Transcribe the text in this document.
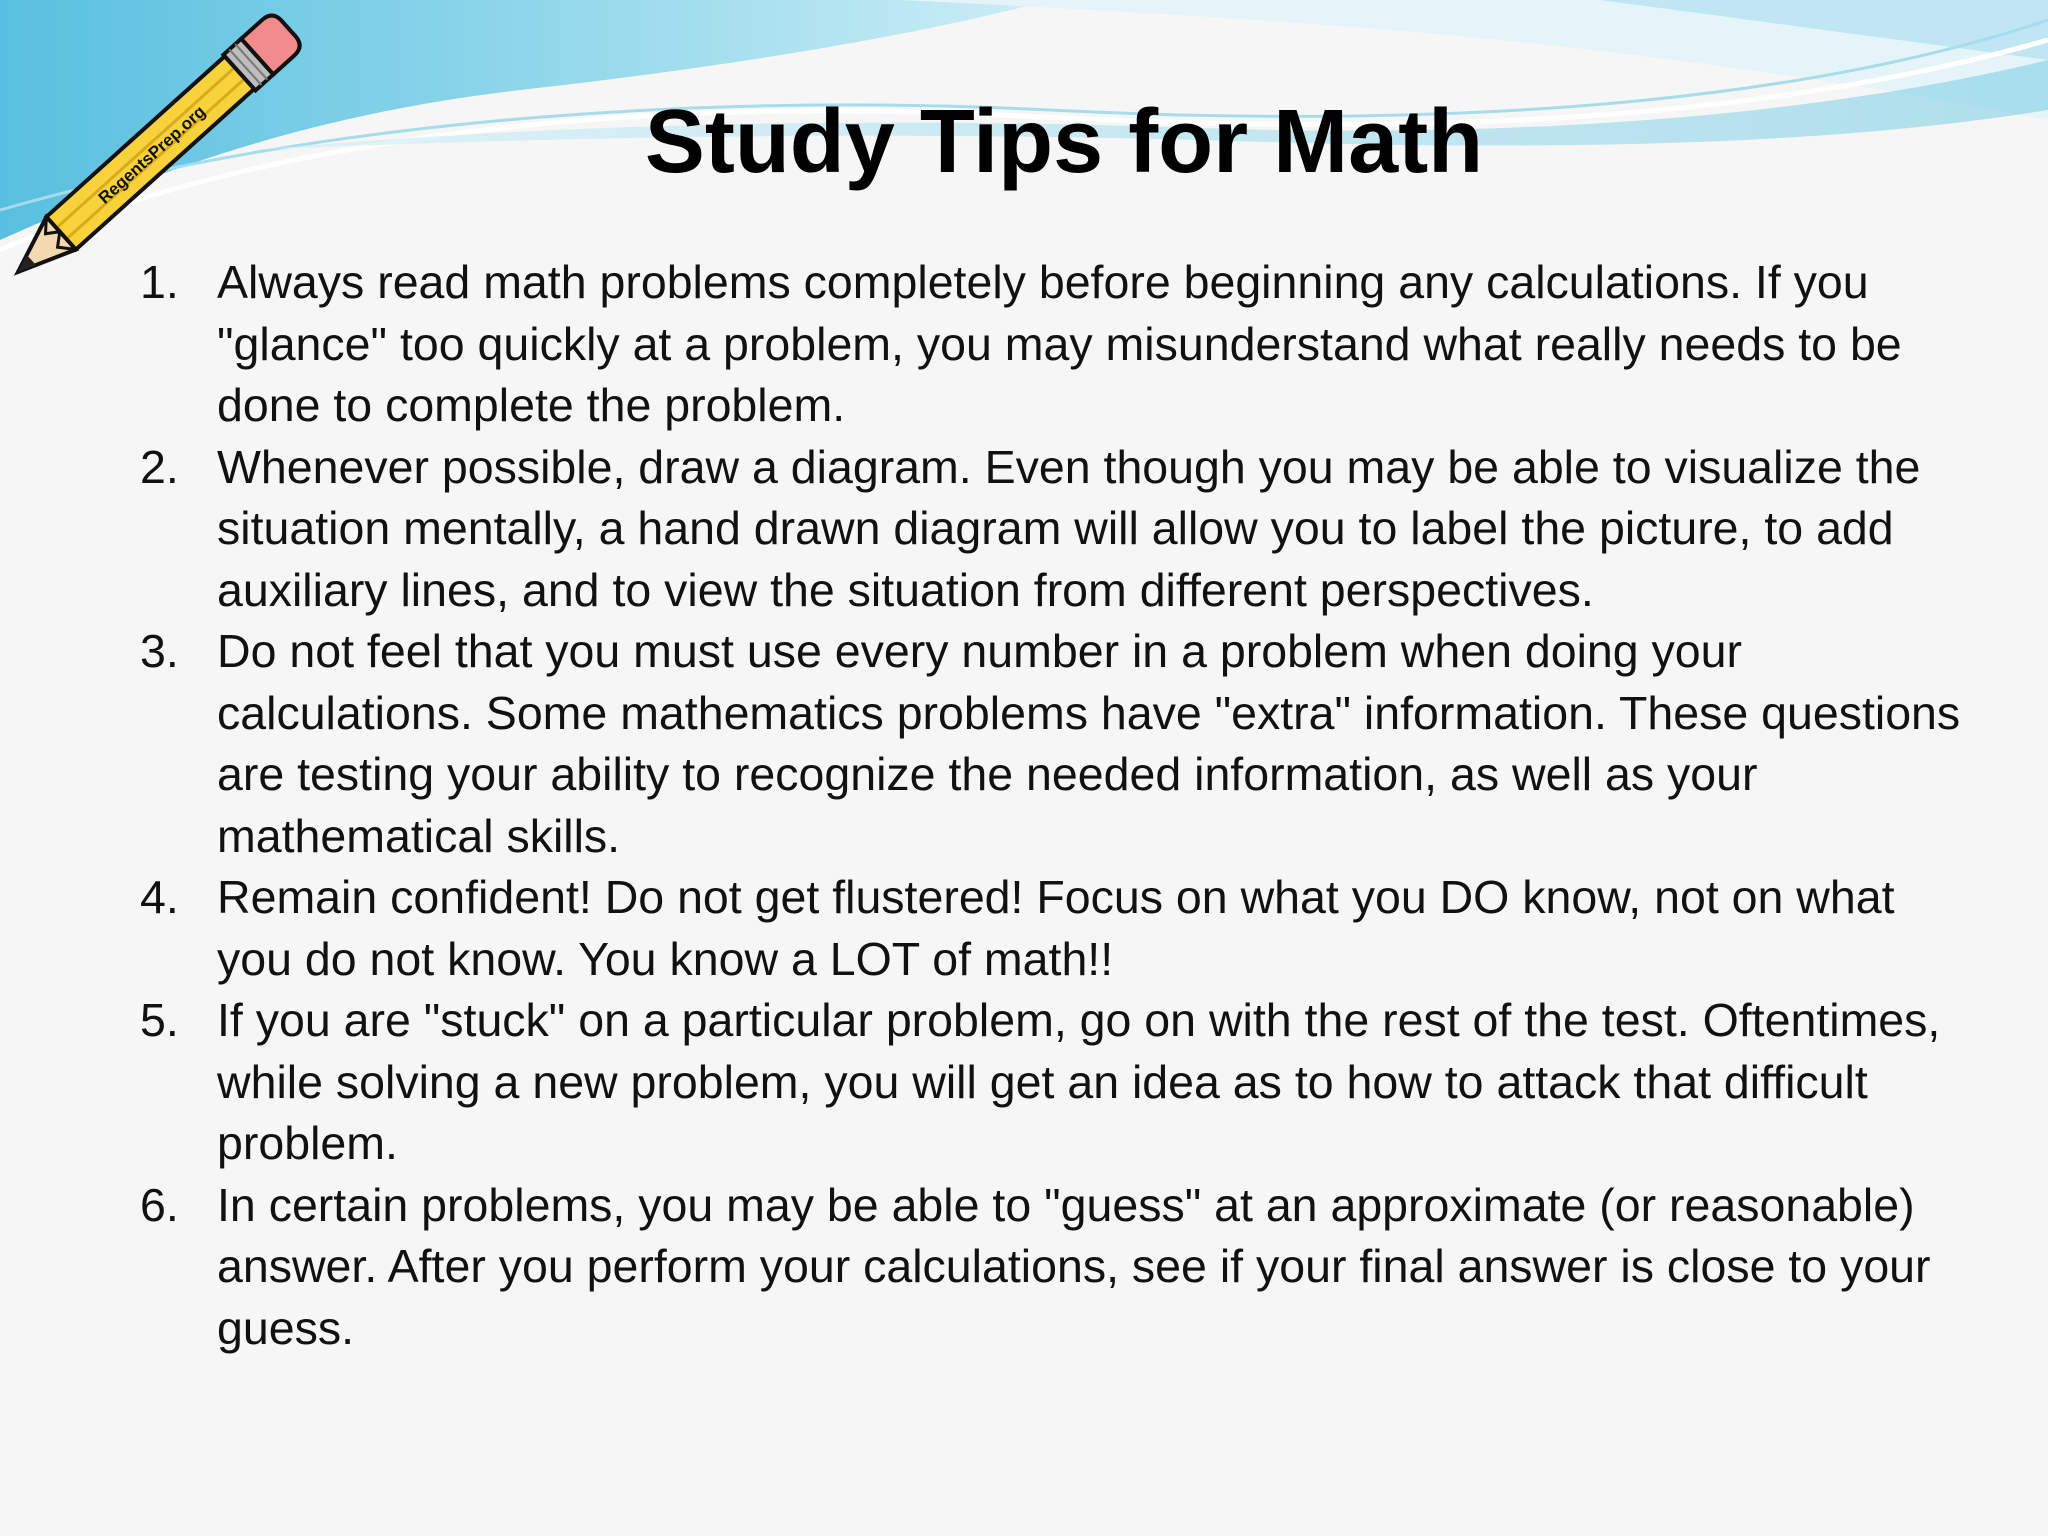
RegentsPrep.org	Study Tips for Math
1. Always read math problems completely before beginning any calculations. If you "glance" too quickly at a problem, you may misunderstand what really needs to be done to complete the problem.
2. Whenever possible, draw a diagram. Even though you may be able to visualize the situation mentally, a hand drawn diagram will allow you to label the picture, to add auxiliary lines, and to view the situation from different perspectives.
3. Do not feel that you must use every number in a problem when doing your calculations. Some mathematics problems have "extra" information. These questions are testing your ability to recognize the needed information, as well as your mathematical skills.
4. Remain confident! Do not get flustered! Focus on what you DO know, not on what you do not know. You know a LOT of math!!
5. If you are "stuck" on a particular problem, go on with the rest of the test. Oftentimes, while solving a new problem, you will get an idea as to how to attack that difficult problem.
6. In certain problems, you may be able to "guess" at an approximate (or reasonable) answer. After you perform your calculations, see if your final answer is close to your guess.
